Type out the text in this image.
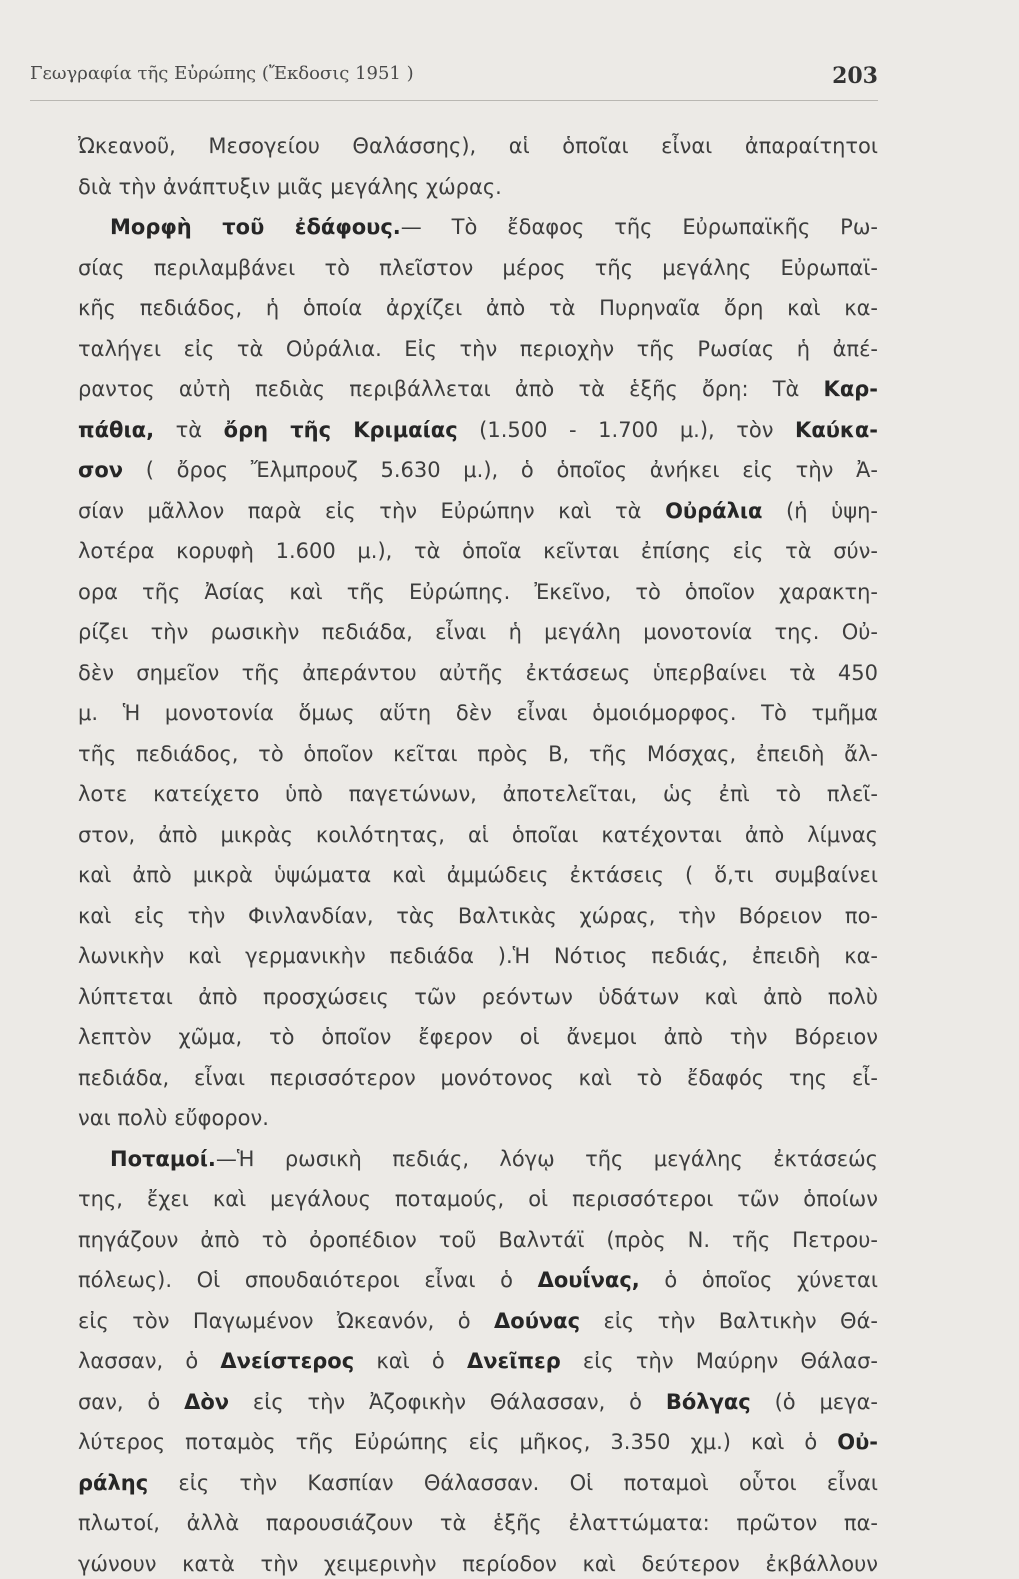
Γεωγραφία τῆς Εὐρώπης (Ἔκδοσις 1951 )	203
Ὠκεανοῦ, Μεσογείου Θαλάσσης), αἱ ὁποῖαι εἶναι ἀπαραίτητοι
διὰ τὴν ἀνάπτυξιν μιᾶς μεγάλης χώρας.
Μορφὴ τοῦ ἐδάφους.— Τὸ ἔδαφος τῆς Εὐρωπαϊκῆς Ρω-
σίας περιλαμβάνει τὸ πλεῖστον μέρος τῆς μεγάλης Εὐρωπαϊ-
κῆς πεδιάδος, ἡ ὁποία ἀρχίζει ἀπὸ τὰ Πυρηναῖα ὄρη καὶ κα-
ταλήγει εἰς τὰ Οὐράλια. Εἰς τὴν περιοχὴν τῆς Ρωσίας ἡ ἀπέ-
ραντος αὐτὴ πεδιὰς περιβάλλεται ἀπὸ τὰ ἑξῆς ὄρη: Τὰ Καρ-
πάθια, τὰ ὄρη τῆς Κριμαίας (1.500 - 1.700 μ.), τὸν Καύκα-
σον ( ὄρος Ἔλμπρουζ 5.630 μ.), ὁ ὁποῖος ἀνήκει εἰς τὴν Ἀ-
σίαν μᾶλλον παρὰ εἰς τὴν Εὐρώπην καὶ τὰ Οὐράλια (ἡ ὑψη-
λοτέρα κορυφὴ 1.600 μ.), τὰ ὁποῖα κεῖνται ἐπίσης εἰς τὰ σύν-
ορα τῆς Ἀσίας καὶ τῆς Εὐρώπης. Ἐκεῖνο, τὸ ὁποῖον χαρακτη-
ρίζει τὴν ρωσικὴν πεδιάδα, εἶναι ἡ μεγάλη μονοτονία της. Οὐ-
δὲν σημεῖον τῆς ἀπεράντου αὐτῆς ἐκτάσεως ὑπερβαίνει τὰ 450
μ. Ἡ μονοτονία ὅμως αὕτη δὲν εἶναι ὁμοιόμορφος. Τὸ τμῆμα
τῆς πεδιάδος, τὸ ὁποῖον κεῖται πρὸς Β, τῆς Μόσχας, ἐπειδὴ ἄλ-
λοτε κατείχετο ὑπὸ παγετώνων, ἀποτελεῖται, ὡς ἐπὶ τὸ πλεῖ-
στον, ἀπὸ μικρὰς κοιλότητας, αἱ ὁποῖαι κατέχονται ἀπὸ λίμνας
καὶ ἀπὸ μικρὰ ὑψώματα καὶ ἀμμώδεις ἐκτάσεις ( ὅ,τι συμβαίνει
καὶ εἰς τὴν Φινλανδίαν, τὰς Βαλτικὰς χώρας, τὴν Βόρειον πο-
λωνικὴν καὶ γερμανικὴν πεδιάδα ).Ἡ Νότιος πεδιάς, ἐπειδὴ κα-
λύπτεται ἀπὸ προσχώσεις τῶν ρεόντων ὑδάτων καὶ ἀπὸ πολὺ
λεπτὸν χῶμα, τὸ ὁποῖον ἔφερον οἱ ἄνεμοι ἀπὸ τὴν Βόρειον
πεδιάδα, εἶναι περισσότερον μονότονος καὶ τὸ ἔδαφός της εἶ-
ναι πολὺ εὔφορον.
Ποταμοί.—Ἡ ρωσικὴ πεδιάς, λόγῳ τῆς μεγάλης ἐκτάσεώς
της, ἔχει καὶ μεγάλους ποταμούς, οἱ περισσότεροι τῶν ὁποίων
πηγάζουν ἀπὸ τὸ ὀροπέδιον τοῦ Βαλντάϊ (πρὸς Ν. τῆς Πετρου-
πόλεως). Οἱ σπουδαιότεροι εἶναι ὁ Δουΐνας, ὁ ὁποῖος χύνεται
εἰς τὸν Παγωμένον Ὠκεανόν, ὁ Δούνας εἰς τὴν Βαλτικὴν Θά-
λασσαν, ὁ Δνείστερος καὶ ὁ Δνεῖπερ εἰς τὴν Μαύρην Θάλασ-
σαν, ὁ Δὸν εἰς τὴν Ἀζοφικὴν Θάλασσαν, ὁ Βόλγας (ὁ μεγα-
λύτερος ποταμὸς τῆς Εὐρώπης εἰς μῆκος, 3.350 χμ.) καὶ ὁ Οὐ-
ράλης εἰς τὴν Κασπίαν Θάλασσαν. Οἱ ποταμοὶ οὗτοι εἶναι
πλωτοί, ἀλλὰ παρουσιάζουν τὰ ἑξῆς ἐλαττώματα: πρῶτον πα-
γώνουν κατὰ τὴν χειμερινὴν περίοδον καὶ δεύτερον ἐκβάλλουν
